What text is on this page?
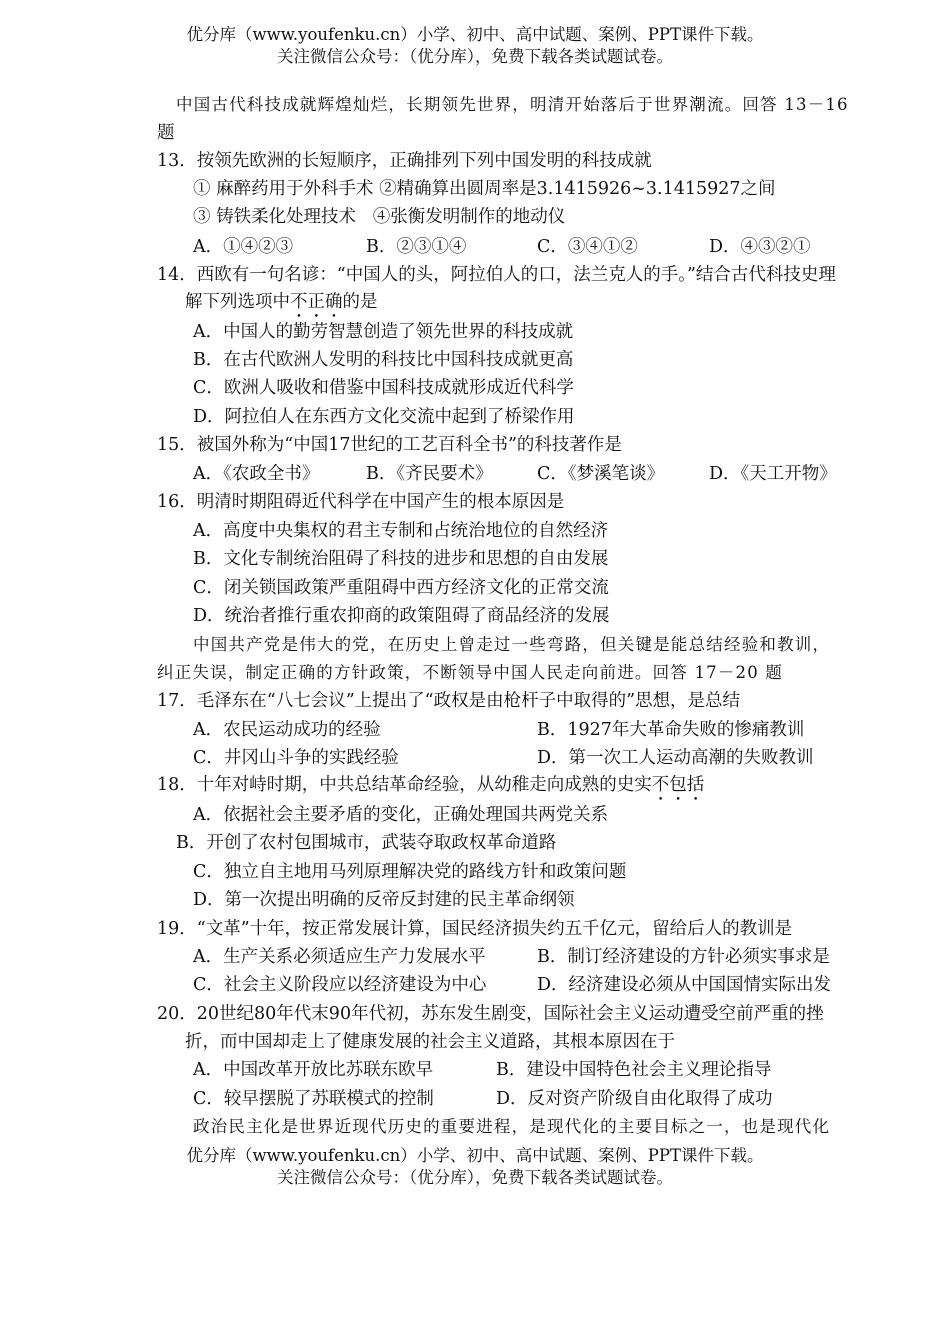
优分库（www.youfenku.cn）小学、初中、高中试题、案例、PPT课件下载。
关注微信公众号：（优分库），免费下载各类试题试卷。
中国古代科技成就辉煌灿烂，长期领先世界，明清开始落后于世界潮流。回答 13－16
题
13．按领先欧洲的长短顺序，正确排列下列中国发明的科技成就
① 麻醉药用于外科手术 ②精确算出圆周率是3.1415926~3.1415927之间
③ 铸铁柔化处理技术   ④张衡发明制作的地动仪
A．①④②③	B．②③①④	C．③④①②	D．④③②①
14．西欧有一句名谚：“中国人的头，阿拉伯人的口，法兰克人的手。”结合古代科技史理
解下列选项中不正确的是
A．中国人的勤劳智慧创造了领先世界的科技成就
B．在古代欧洲人发明的科技比中国科技成就更高
C．欧洲人吸收和借鉴中国科技成就形成近代科学
D．阿拉伯人在东西方文化交流中起到了桥梁作用
15．被国外称为“中国17世纪的工艺百科全书”的科技著作是
A．《农政全书》	B．《齐民要术》	C．《梦溪笔谈》	D．《天工开物》
16．明清时期阻碍近代科学在中国产生的根本原因是
A．高度中央集权的君主专制和占统治地位的自然经济
B．文化专制统治阻碍了科技的进步和思想的自由发展
C．闭关锁国政策严重阻碍中西方经济文化的正常交流
D．统治者推行重农抑商的政策阻碍了商品经济的发展
中国共产党是伟大的党，在历史上曾走过一些弯路，但关键是能总结经验和教训，
纠正失误，制定正确的方针政策，不断领导中国人民走向前进。回答 17－20 题
17．毛泽东在“八七会议”上提出了“政权是由枪杆子中取得的”思想，是总结
A．农民运动成功的经验	B．1927年大革命失败的惨痛教训
C．井冈山斗争的实践经验	D．第一次工人运动高潮的失败教训
18．十年对峙时期，中共总结革命经验，从幼稚走向成熟的史实不包括
A．依据社会主要矛盾的变化，正确处理国共两党关系
B．开创了农村包围城市，武装夺取政权革命道路
C．独立自主地用马列原理解决党的路线方针和政策问题
D．第一次提出明确的反帝反封建的民主革命纲领
19．“文革”十年，按正常发展计算，国民经济损失约五千亿元，留给后人的教训是
A．生产关系必须适应生产力发展水平	B．制订经济建设的方针必须实事求是
C．社会主义阶段应以经济建设为中心	D．经济建设必须从中国国情实际出发
20．20世纪80年代末90年代初，苏东发生剧变，国际社会主义运动遭受空前严重的挫
折，而中国却走上了健康发展的社会主义道路，其根本原因在于
A．中国改革开放比苏联东欧早	B．建设中国特色社会主义理论指导
C．较早摆脱了苏联模式的控制	D．反对资产阶级自由化取得了成功
政治民主化是世界近现代历史的重要进程，是现代化的主要目标之一，也是现代化
优分库（www.youfenku.cn）小学、初中、高中试题、案例、PPT课件下载。
关注微信公众号：（优分库），免费下载各类试题试卷。
